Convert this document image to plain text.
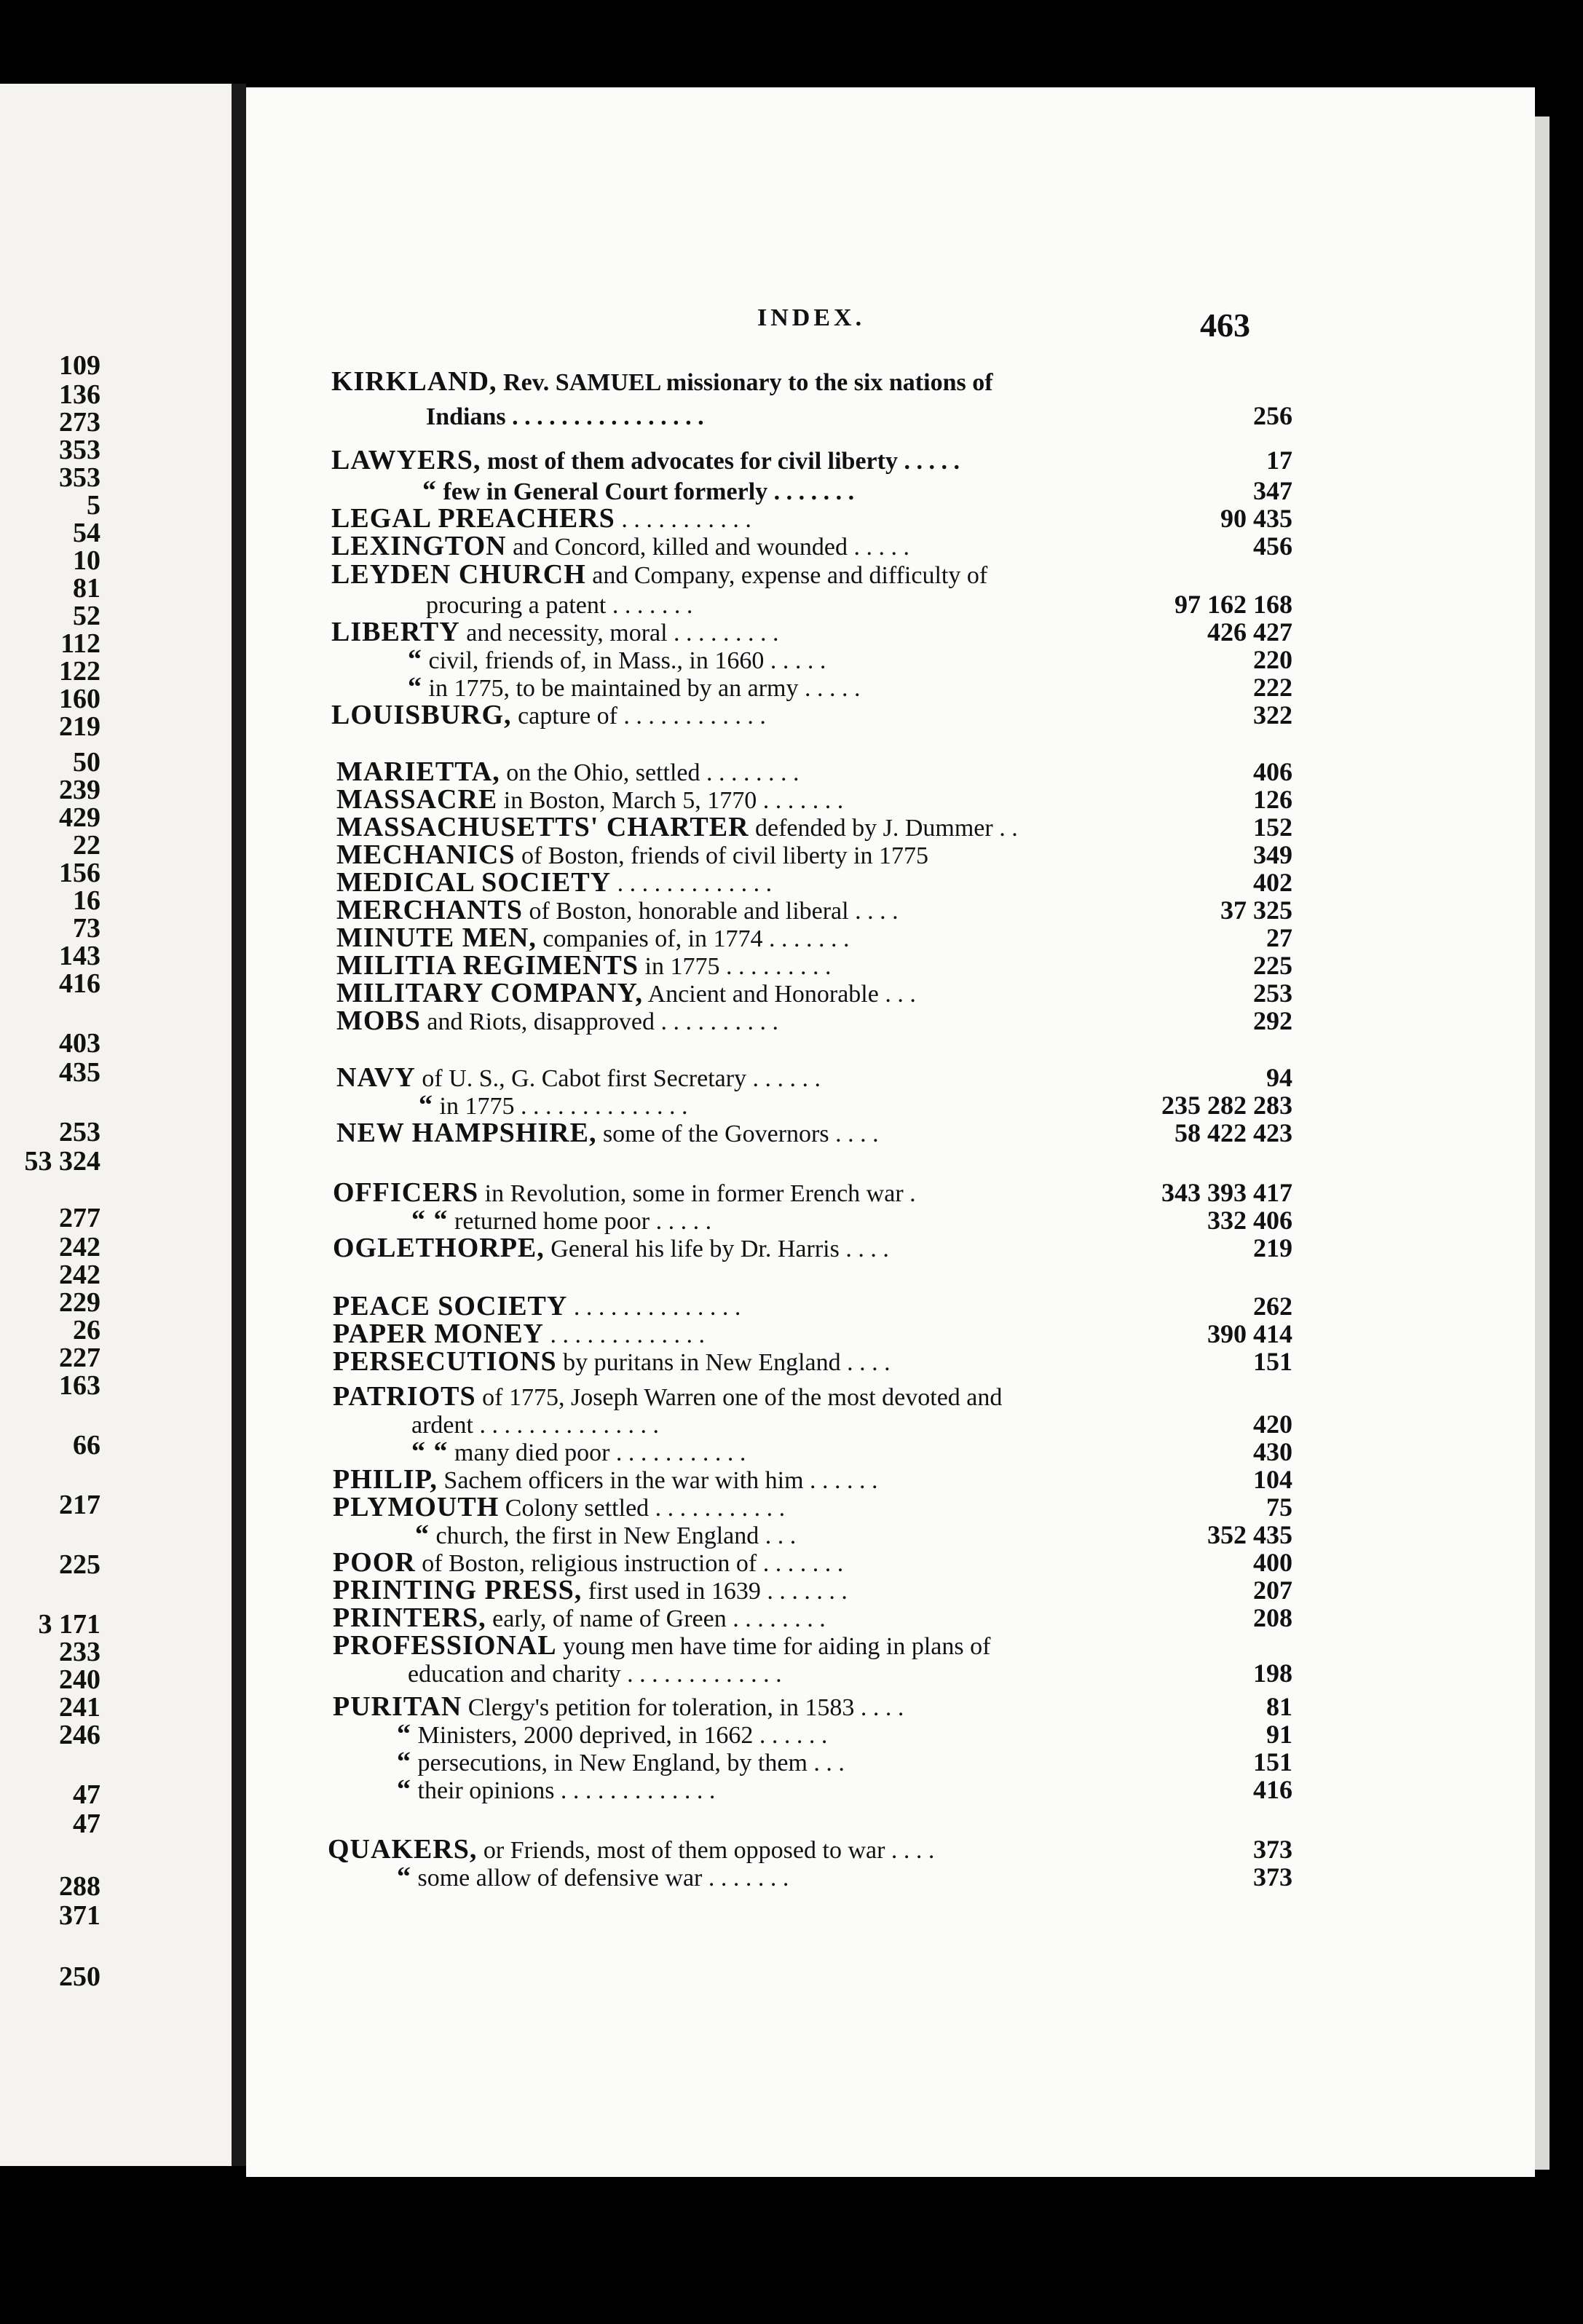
109
136
273
353
353
5
54
10
81
52
112
122
160
219
50
239
429
22
156
16
73
143
416
403
435
253
53 324
277
242
242
229
26
227
163
66
217
225
3 171
233
240
241
246
47
47
288
371
250
INDEX.	463
KIRKLAND, Rev. SAMUEL missionary to the six nations of
Indians . . . . . . . . . . . . . . . .	256
LAWYERS, most of them advocates for civil liberty . . . . .	17
“ few in General Court formerly . . . . . . .	347
LEGAL PREACHERS . . . . . . . . . . .	90 435
LEXINGTON and Concord, killed and wounded . . . . .	456
LEYDEN CHURCH and Company, expense and difficulty of
procuring a patent . . . . . . .	97 162 168
LIBERTY and necessity, moral . . . . . . . . .	426 427
“ civil, friends of, in Mass., in 1660 . . . . .	220
“ in 1775, to be maintained by an army . . . . .	222
LOUISBURG, capture of . . . . . . . . . . . .	322
MARIETTA, on the Ohio, settled . . . . . . . .	406
MASSACRE in Boston, March 5, 1770 . . . . . . .	126
MASSACHUSETTS' CHARTER defended by J. Dummer . .	152
MECHANICS of Boston, friends of civil liberty in 1775	349
MEDICAL SOCIETY . . . . . . . . . . . . .	402
MERCHANTS of Boston, honorable and liberal . . . .	37 325
MINUTE MEN, companies of, in 1774 . . . . . . .	27
MILITIA REGIMENTS in 1775 . . . . . . . . .	225
MILITARY COMPANY, Ancient and Honorable . . .	253
MOBS and Riots, disapproved . . . . . . . . . .	292
NAVY of U. S., G. Cabot first Secretary . . . . . .	94
“ in 1775 . . . . . . . . . . . . . .	235 282 283
NEW HAMPSHIRE, some of the Governors . . . .	58 422 423
OFFICERS in Revolution, some in former Erench war .	343 393 417
“ “ returned home poor . . . . .	332 406
OGLETHORPE, General his life by Dr. Harris . . . .	219
PEACE SOCIETY . . . . . . . . . . . . . .	262
PAPER MONEY . . . . . . . . . . . . .	390 414
PERSECUTIONS by puritans in New England . . . .	151
PATRIOTS of 1775, Joseph Warren one of the most devoted and
ardent . . . . . . . . . . . . . . .	420
“ “ many died poor . . . . . . . . . . .	430
PHILIP, Sachem officers in the war with him . . . . . .	104
PLYMOUTH Colony settled . . . . . . . . . . .	75
“ church, the first in New England . . .	352 435
POOR of Boston, religious instruction of . . . . . . .	400
PRINTING PRESS, first used in 1639 . . . . . . .	207
PRINTERS, early, of name of Green . . . . . . . .	208
PROFESSIONAL young men have time for aiding in plans of
education and charity . . . . . . . . . . . . .	198
PURITAN Clergy's petition for toleration, in 1583 . . . .	81
“ Ministers, 2000 deprived, in 1662 . . . . . .	91
“ persecutions, in New England, by them . . .	151
“ their opinions . . . . . . . . . . . . .	416
QUAKERS, or Friends, most of them opposed to war . . . .	373
“ some allow of defensive war . . . . . . .	373
